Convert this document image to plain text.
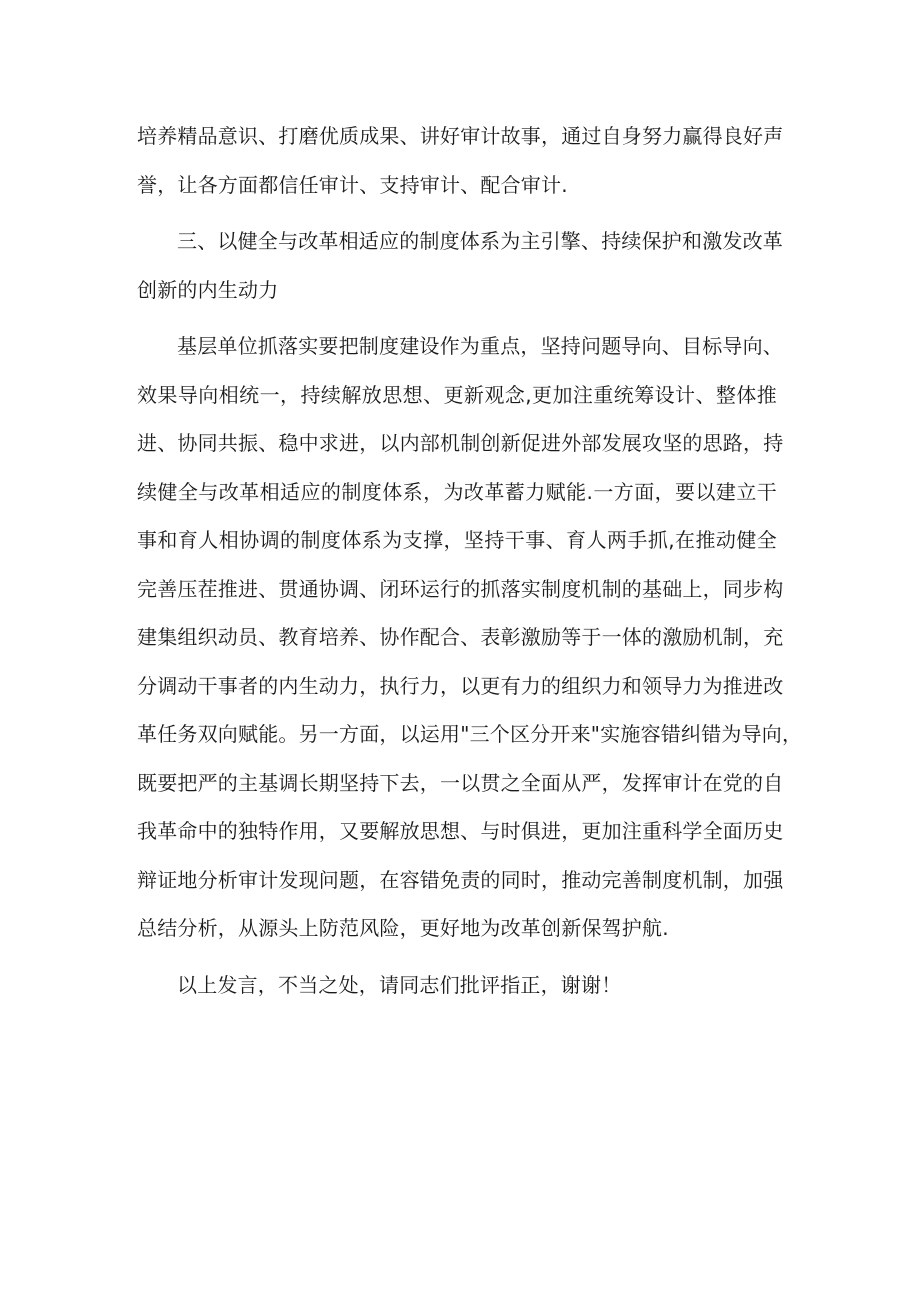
培养精品意识、打磨优质成果、讲好审计故事，通过自身努力赢得良好声
誉，让各方面都信任审计、支持审计、配合审计.

三、以健全与改革相适应的制度体系为主引擎、持续保护和激发改革
创新的内生动力

基层单位抓落实要把制度建设作为重点，坚持问题导向、目标导向、
效果导向相统一，持续解放思想、更新观念,更加注重统筹设计、整体推
进、协同共振、稳中求进，以内部机制创新促进外部发展攻坚的思路，持
续健全与改革相适应的制度体系，为改革蓄力赋能.一方面，要以建立干
事和育人相协调的制度体系为支撑，坚持干事、育人两手抓,在推动健全
完善压茬推进、贯通协调、闭环运行的抓落实制度机制的基础上，同步构
建集组织动员、教育培养、协作配合、表彰激励等于一体的激励机制，充
分调动干事者的内生动力，执行力，以更有力的组织力和领导力为推进改
革任务双向赋能。另一方面，以运用"三个区分开来"实施容错纠错为导向，
既要把严的主基调长期坚持下去，一以贯之全面从严，发挥审计在党的自
我革命中的独特作用，又要解放思想、与时俱进，更加注重科学全面历史
辩证地分析审计发现问题，在容错免责的同时，推动完善制度机制，加强
总结分析，从源头上防范风险，更好地为改革创新保驾护航.

以上发言，不当之处，请同志们批评指正，谢谢！
